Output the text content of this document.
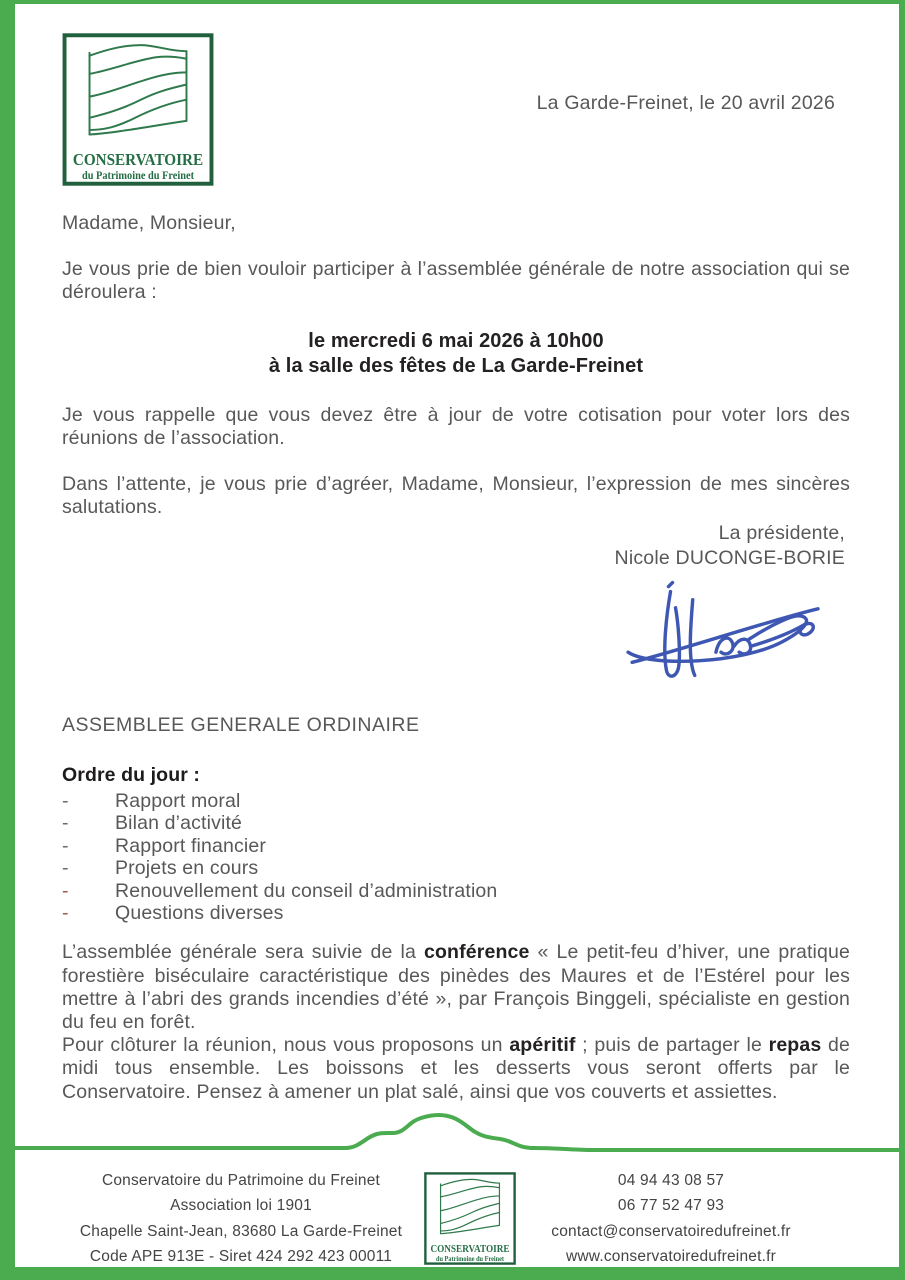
CONSERVATOIRE
du Patrimoine du Freinet
La Garde-Freinet, le 20 avril 2026

Madame, Monsieur,

Je vous prie de bien vouloir participer à l’assemblée générale de notre association qui se déroulera :

le mercredi 6 mai 2026 à 10h00
à la salle des fêtes de La Garde-Freinet

Je vous rappelle que vous devez être à jour de votre cotisation pour voter lors des réunions de l’association.

Dans l’attente, je vous prie d’agréer, Madame, Monsieur, l’expression de mes sincères salutations.

La présidente,
Nicole DUCONGE-BORIE
ASSEMBLEE GENERALE ORDINAIRE
Ordre du jour :
-	Rapport moral
-	Bilan d’activité
-	Rapport financier
-	Projets en cours
-	Renouvellement du conseil d’administration
-	Questions diverses

L’assemblée générale sera suivie de la conférence « Le petit-feu d’hiver, une pratique forestière biséculaire caractéristique des pinèdes des Maures et de l’Estérel pour les mettre à l’abri des grands incendies d’été », par François Binggeli, spécialiste en gestion du feu en forêt.

Pour clôturer la réunion, nous vous proposons un apéritif ; puis de partager le repas de midi tous ensemble. Les boissons et les desserts vous seront offerts par le Conservatoire. Pensez à amener un plat salé, ainsi que vos couverts et assiettes.

Conservatoire du Patrimoine du Freinet
Association loi 1901
Chapelle Saint-Jean, 83680 La Garde-Freinet
Code APE 913E - Siret 424 292 423 00011	CONSERVATOIRE
du Patrimoine du Freinet
04 94 43 08 57
06 77 52 47 93
contact@conservatoiredufreinet.fr
www.conservatoiredufreinet.fr
